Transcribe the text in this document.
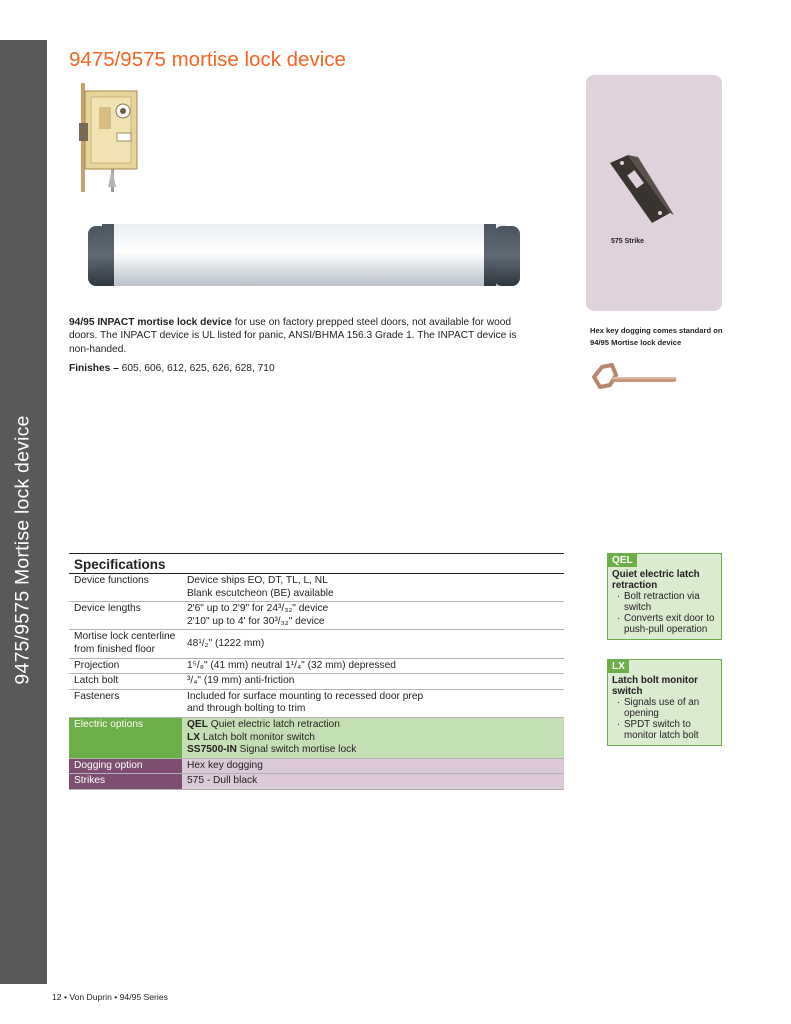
9475/9575 Mortise lock device
9475/9575 mortise lock device

94/95 INPACT mortise lock device for use on factory prepped steel doors, not available for wood doors. The INPACT device is UL listed for panic, ANSI/BHMA 156.3 Grade 1. The INPACT device is non-handed.

Finishes – 605, 606, 612, 625, 626, 628, 710

575 Strike

Hex key dogging comes standard on 94/95 Mortise lock device

Specifications	
Device functions	Device ships EO, DT, TL, L, NL
Blank escutcheon (BE) available

Device lengths	2'6" up to 2'9" for 24³/₃₂" device
2'10" up to 4' for 30³/₃₂" device

Mortise lock centerline from finished floor	48¹/₂" (1222 mm)

Projection	1⁵/₈" (41 mm) neutral 1¹/₄" (32 mm) depressed

Latch bolt	³/₄" (19 mm) anti-friction

Fasteners	Included for surface mounting to recessed door prep
and through bolting to trim

Electric options	QEL Quiet electric latch retraction
LX Latch bolt monitor switch
SS7500-IN Signal switch mortise lock

Dogging option	Hex key dogging
Strikes	575 - Dull black
QEL
Quiet electric latch retraction
· Bolt retraction via switch
· Converts exit door to push-pull operation
LX
Latch bolt monitor switch
· Signals use of an opening
· SPDT switch to monitor latch bolt

12 • Von Duprin • 94/95 Series
